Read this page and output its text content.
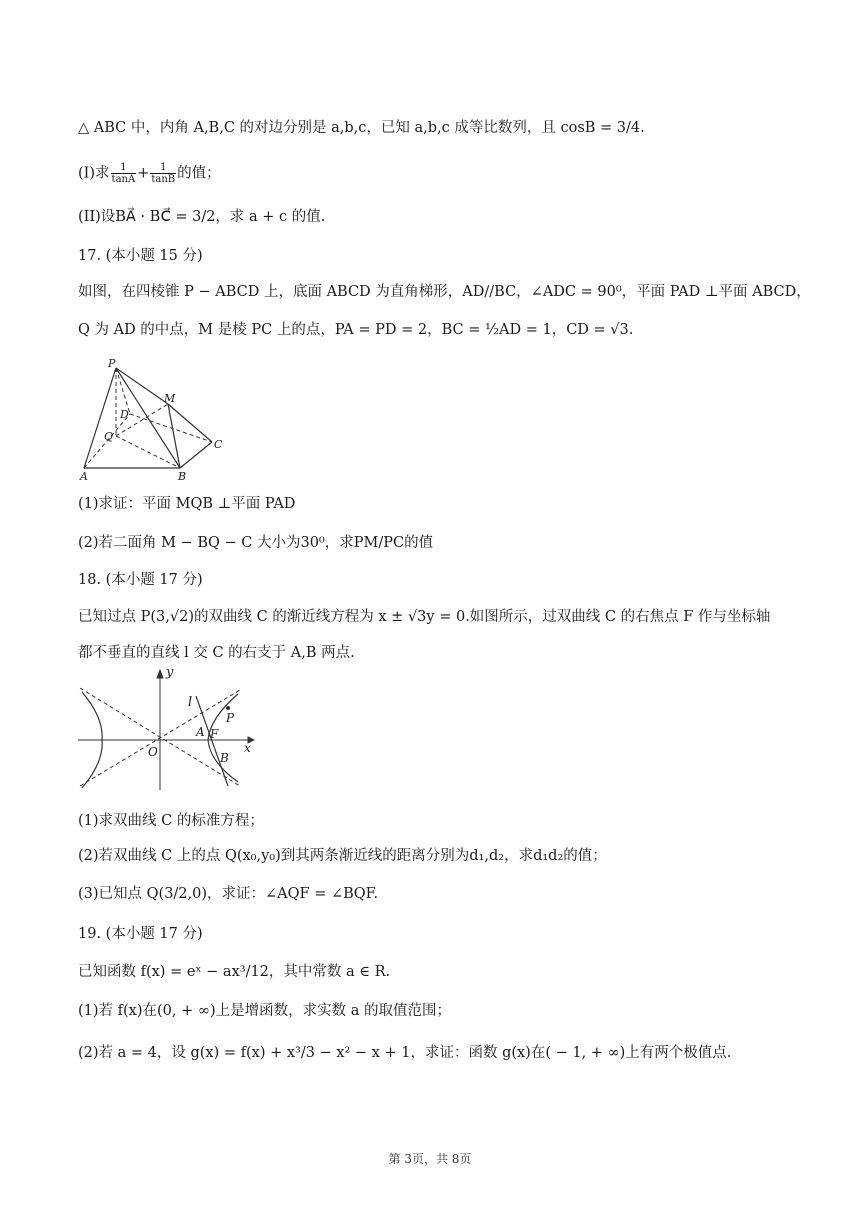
△ ABC 中，内角 A,B,C 的对边分别是 a,b,c，已知 a,b,c 成等比数列，且 cosB = 3/4.
(I)求 $\frac{1}{\tan A} + \frac{1}{\tan B}$ 的值；
(II)设BA⃗ · BC⃗ = 3/2，求 a + c 的值.
17. (本小题 15 分)
如图，在四棱锥 P − ABCD 上，底面 ABCD 为直角梯形，AD//BC，∠ADC = 90⁰，平面 PAD ⊥平面 ABCD，
Q 为 AD 的中点，M 是棱 PC 上的点，PA = PD = 2，BC = ½AD = 1，CD = √3.
P
M
D
Q
C
A	B
(1)求证：平面 MQB ⊥平面 PAD
(2)若二面角 M − BQ − C 大小为30⁰，求PM/PC的值
18. (本小题 17 分)
已知过点 P(3,√2)的双曲线 C 的渐近线方程为 x ± √3y = 0.如图所示，过双曲线 C 的右焦点 F 作与坐标轴
都不垂直的直线 l 交 C 的右支于 A,B 两点.
y
x
O
l
P
A F
B
(1)求双曲线 C 的标准方程；
(2)若双曲线 C 上的点 Q(x₀,y₀)到其两条渐近线的距离分别为d₁,d₂，求d₁d₂的值；
(3)已知点 Q(3/2,0)，求证：∠AQF = ∠BQF.
19. (本小题 17 分)
已知函数 f(x) = eˣ − ax³/12，其中常数 a ∈ R.
(1)若 f(x)在(0, + ∞)上是增函数，求实数 a 的取值范围；
(2)若 a = 4，设 g(x) = f(x) + x³/3 − x² − x + 1，求证：函数 g(x)在( − 1, + ∞)上有两个极值点.
第 3页，共 8页
